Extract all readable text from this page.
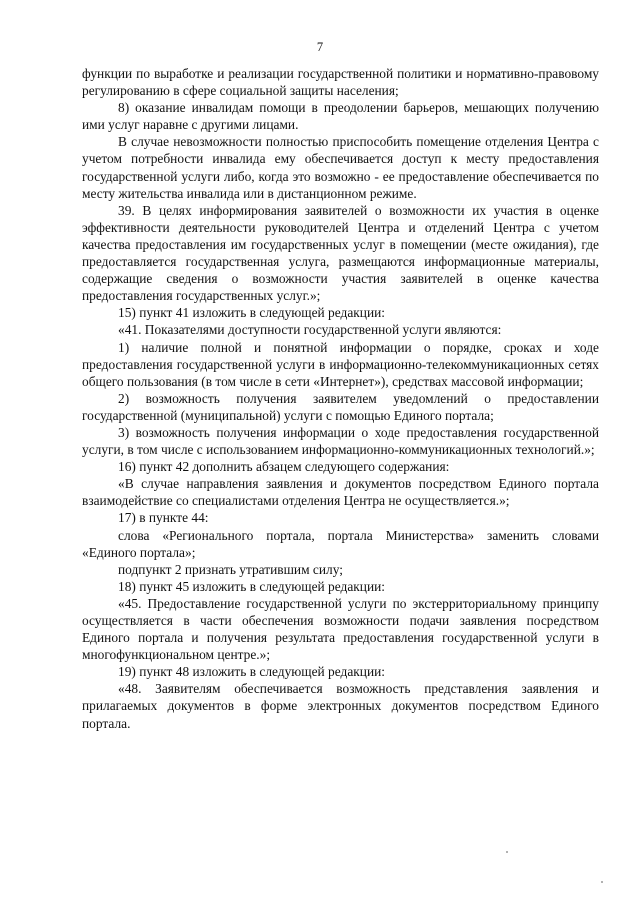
7

функции по выработке и реализации государственной политики и нормативно-правовому регулированию в сфере социальной защиты населения;

8) оказание инвалидам помощи в преодолении барьеров, мешающих получению ими услуг наравне с другими лицами.

В случае невозможности полностью приспособить помещение отделения Центра с учетом потребности инвалида ему обеспечивается доступ к месту предоставления государственной услуги либо, когда это возможно - ее предоставление обеспечивается по месту жительства инвалида или в дистанционном режиме.

39. В целях информирования заявителей о возможности их участия в оценке эффективности деятельности руководителей Центра и отделений Центра с учетом качества предоставления им государственных услуг в помещении (месте ожидания), где предоставляется государственная услуга, размещаются информационные материалы, содержащие сведения о возможности участия заявителей в оценке качества предоставления государственных услуг.»;

15) пункт 41 изложить в следующей редакции:

«41. Показателями доступности государственной услуги являются:

1) наличие полной и понятной информации о порядке, сроках и ходе предоставления государственной услуги в информационно-телекоммуникационных сетях общего пользования (в том числе в сети «Интернет»), средствах массовой информации;

2) возможность получения заявителем уведомлений о предоставлении государственной (муниципальной) услуги с помощью Единого портала;

3) возможность получения информации о ходе предоставления государственной услуги, в том числе с использованием информационно-коммуникационных технологий.»;

16) пункт 42 дополнить абзацем следующего содержания:

«В случае направления заявления и документов посредством Единого портала взаимодействие со специалистами отделения Центра не осуществляется.»;

17) в пункте 44:

слова «Регионального портала, портала Министерства» заменить словами «Единого портала»;

подпункт 2 признать утратившим силу;

18) пункт 45 изложить в следующей редакции:

«45. Предоставление государственной услуги по экстерриториальному принципу осуществляется в части обеспечения возможности подачи заявления посредством Единого портала и получения результата предоставления государственной услуги в многофункциональном центре.»;

19) пункт 48 изложить в следующей редакции:

«48. Заявителям обеспечивается возможность представления заявления и прилагаемых документов в форме электронных документов посредством Единого портала.
